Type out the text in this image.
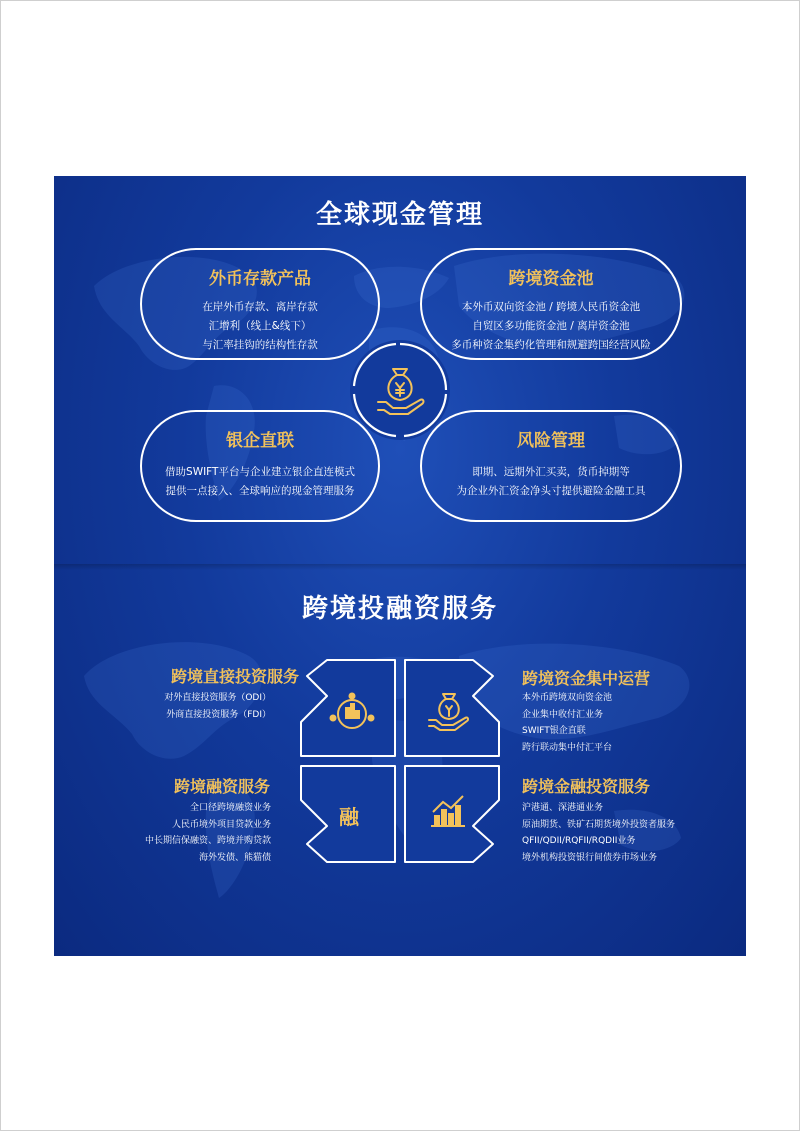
全球现金管理
外币存款产品

在岸外币存款、离岸存款

汇增利（线上&线下）

与汇率挂钩的结构性存款

跨境资金池

本外币双向资金池 / 跨境人民币资金池

自贸区多功能资金池 / 离岸资金池

多币种资金集约化管理和规避跨国经营风险

银企直联

借助SWIFT平台与企业建立银企直连模式

提供一点接入、全球响应的现金管理服务

风险管理

即期、远期外汇买卖，货币掉期等

为企业外汇资金净头寸提供避险金融工具

跨境投融资服务
跨境直接投资服务
对外直接投资服务（ODI）
外商直接投资服务（FDI）
跨境资金集中运营
本外币跨境双向资金池
企业集中收付汇业务
SWIFT银企直联
跨行联动集中付汇平台
跨境融资服务
全口径跨境融资业务
人民币境外项目贷款业务
中长期信保融资、跨境并购贷款
海外发债、熊猫债
跨境金融投资服务
沪港通、深港通业务
原油期货、铁矿石期货境外投资者服务
QFII/QDII/RQFII/RQDII业务
境外机构投资银行间债券市场业务
融
